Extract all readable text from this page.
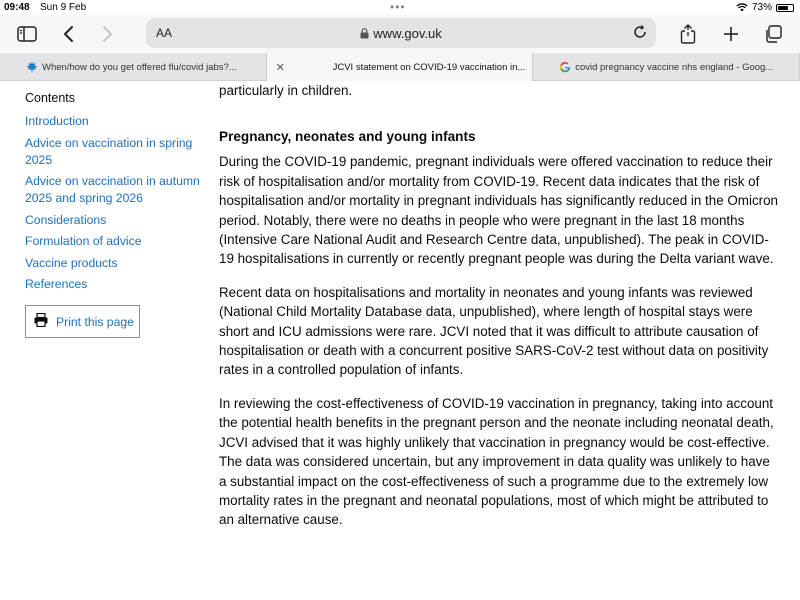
09:48 Sun 9 Feb	•••	73%
AA	www.gov.uk
When/how do you get offered flu/covid jabs?...	✕	JCVI statement on COVID-19 vaccination in...	covid pregnancy vaccine nhs england - Goog...
Contents
Introduction
Advice on vaccination in spring 2025
Advice on vaccination in autumn 2025 and spring 2026
Considerations
Formulation of advice
Vaccine products
References
Print this page

particularly in children.

Pregnancy, neonates and young infants

During the COVID-19 pandemic, pregnant individuals were offered vaccination to reduce their risk of hospitalisation and/or mortality from COVID-19. Recent data indicates that the risk of hospitalisation and/or mortality in pregnant individuals has significantly reduced in the Omicron period. Notably, there were no deaths in people who were pregnant in the last 18 months (Intensive Care National Audit and Research Centre data, unpublished). The peak in COVID-19 hospitalisations in currently or recently pregnant people was during the Delta variant wave.

Recent data on hospitalisations and mortality in neonates and young infants was reviewed (National Child Mortality Database data, unpublished), where length of hospital stays were short and ICU admissions were rare. JCVI noted that it was difficult to attribute causation of hospitalisation or death with a concurrent positive SARS-CoV-2 test without data on positivity rates in a controlled population of infants.

In reviewing the cost-effectiveness of COVID-19 vaccination in pregnancy, taking into account the potential health benefits in the pregnant person and the neonate including neonatal death, JCVI advised that it was highly unlikely that vaccination in pregnancy would be cost-effective. The data was considered uncertain, but any improvement in data quality was unlikely to have a substantial impact on the cost-effectiveness of such a programme due to the extremely low mortality rates in the pregnant and neonatal populations, most of which might be attributed to an alternative cause.
